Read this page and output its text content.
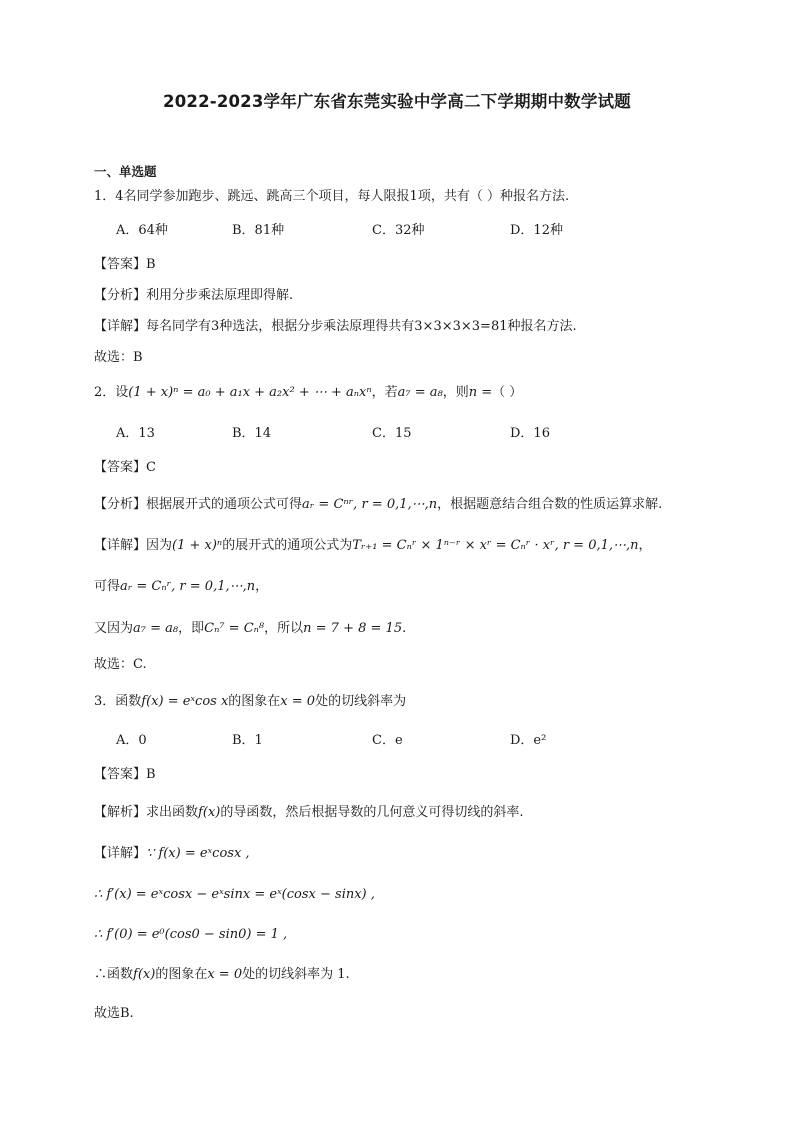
2022-2023学年广东省东莞实验中学高二下学期期中数学试题
一、单选题
1．4名同学参加跑步、跳远、跳高三个项目，每人限报1项，共有（ ）种报名方法.
A．64种	B．81种	C．32种	D．12种
【答案】B
【分析】利用分步乘法原理即得解.
【详解】每名同学有3种选法，根据分步乘法原理得共有3×3×3×3=81种报名方法.
故选：B
2．设(1 + x)ⁿ = a₀ + a₁x + a₂x² + ⋯ + aₙxⁿ，若a₇ = a₈，则n =（ ）
A．13	B．14	C．15	D．16
【答案】C
【分析】根据展开式的通项公式可得aᵣ = Cⁿʳ, r = 0,1,⋯,n，根据题意结合组合数的性质运算求解.
【详解】因为(1 + x)ⁿ的展开式的通项公式为Tᵣ₊₁ = Cₙʳ × 1ⁿ⁻ʳ × xʳ = Cₙʳ · xʳ, r = 0,1,⋯,n，
可得aᵣ = Cₙʳ, r = 0,1,⋯,n，
又因为a₇ = a₈，即Cₙ⁷ = Cₙ⁸，所以n = 7 + 8 = 15.
故选：C.
3．函数f(x) = eˣcos x的图象在x = 0处的切线斜率为
A．0	B．1	C．e	D．e²
【答案】B
【解析】求出函数f(x)的导函数，然后根据导数的几何意义可得切线的斜率.
【详解】∵ f(x) = eˣcosx ,
∴ f′(x) = eˣcosx − eˣsinx = eˣ(cosx − sinx) ,
∴ f′(0) = e⁰(cos0 − sin0) = 1 ,
∴函数f(x)的图象在x = 0处的切线斜率为 1.
故选B.
